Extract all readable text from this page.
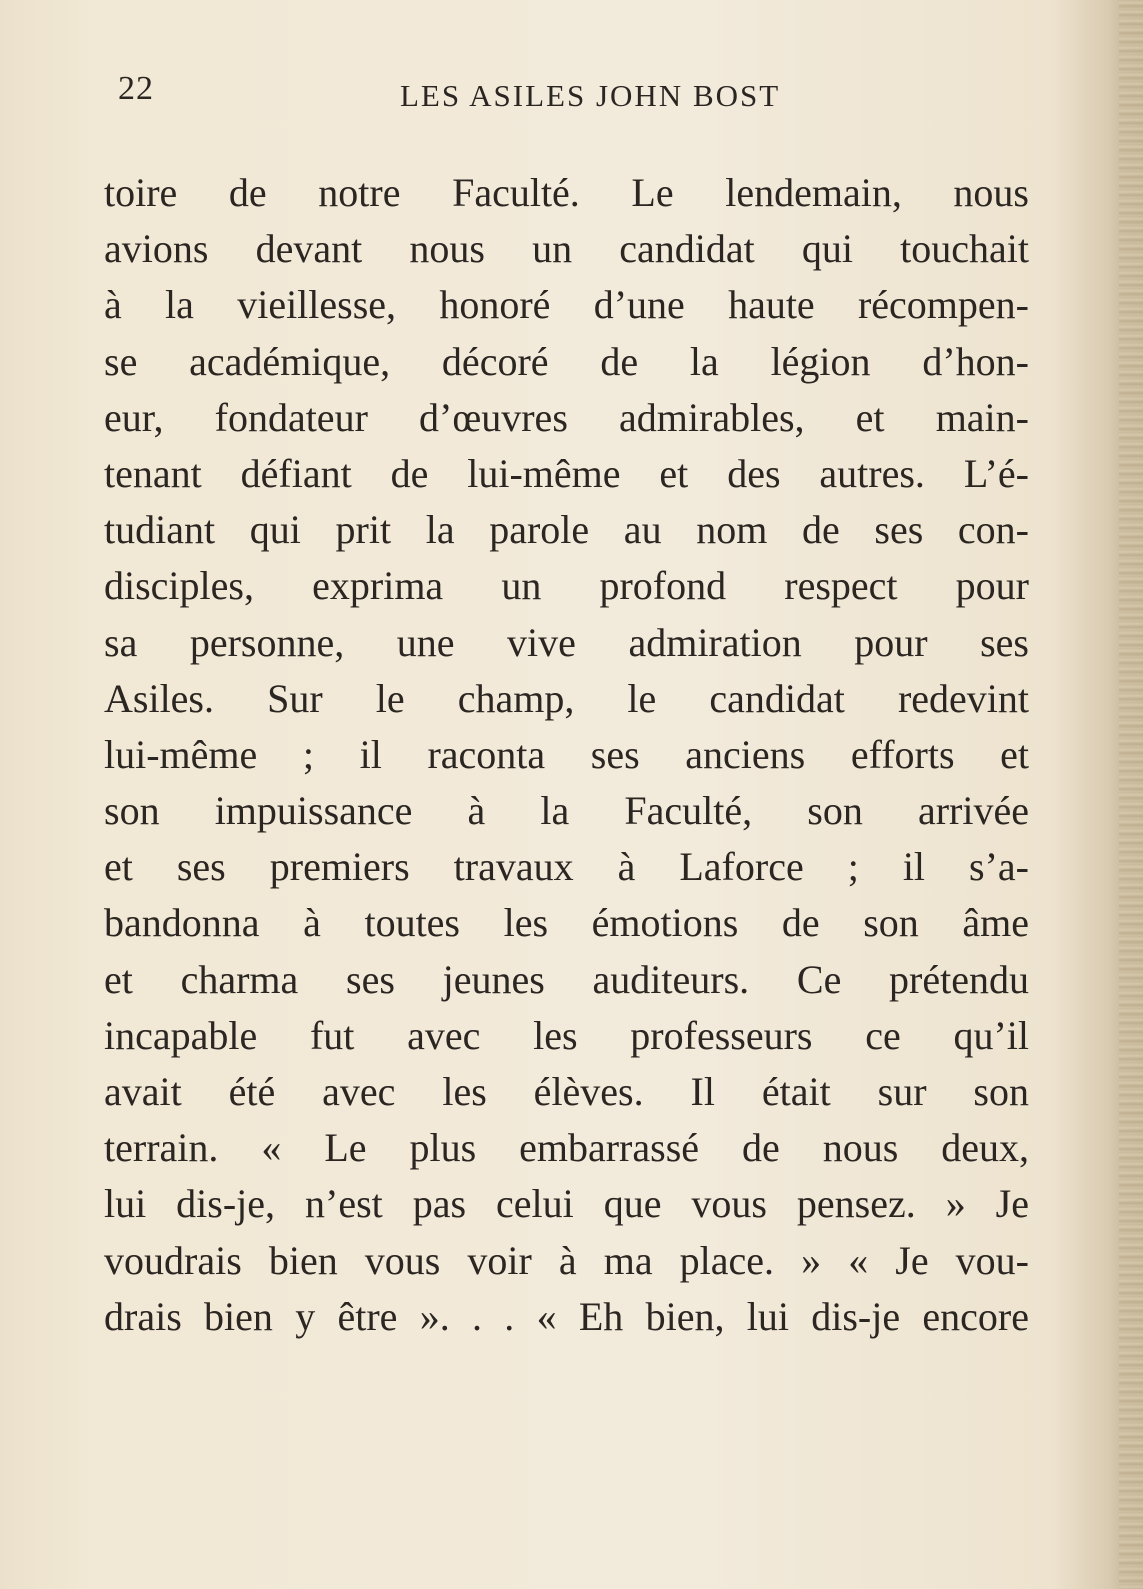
22	LES ASILES JOHN BOST
toire de notre Faculté. Le lendemain, nous
avions devant nous un candidat qui touchait
à la vieillesse, honoré d’une haute récompen-
se académique, décoré de la légion d’hon-
eur, fondateur d’œuvres admirables, et main-
tenant défiant de lui-même et des autres. L’é-
tudiant qui prit la parole au nom de ses con-
disciples, exprima un profond respect pour
sa personne, une vive admiration pour ses
Asiles. Sur le champ, le candidat redevint
lui-même ; il raconta ses anciens efforts et
son impuissance à la Faculté, son arrivée
et ses premiers travaux à Laforce ; il s’a-
bandonna à toutes les émotions de son âme
et charma ses jeunes auditeurs. Ce prétendu
incapable fut avec les professeurs ce qu’il
avait été avec les élèves. Il était sur son
terrain. « Le plus embarrassé de nous deux,
lui dis-je, n’est pas celui que vous pensez. » Je
voudrais bien vous voir à ma place. » « Je vou-
drais bien y être ». . . « Eh bien, lui dis-je encore
